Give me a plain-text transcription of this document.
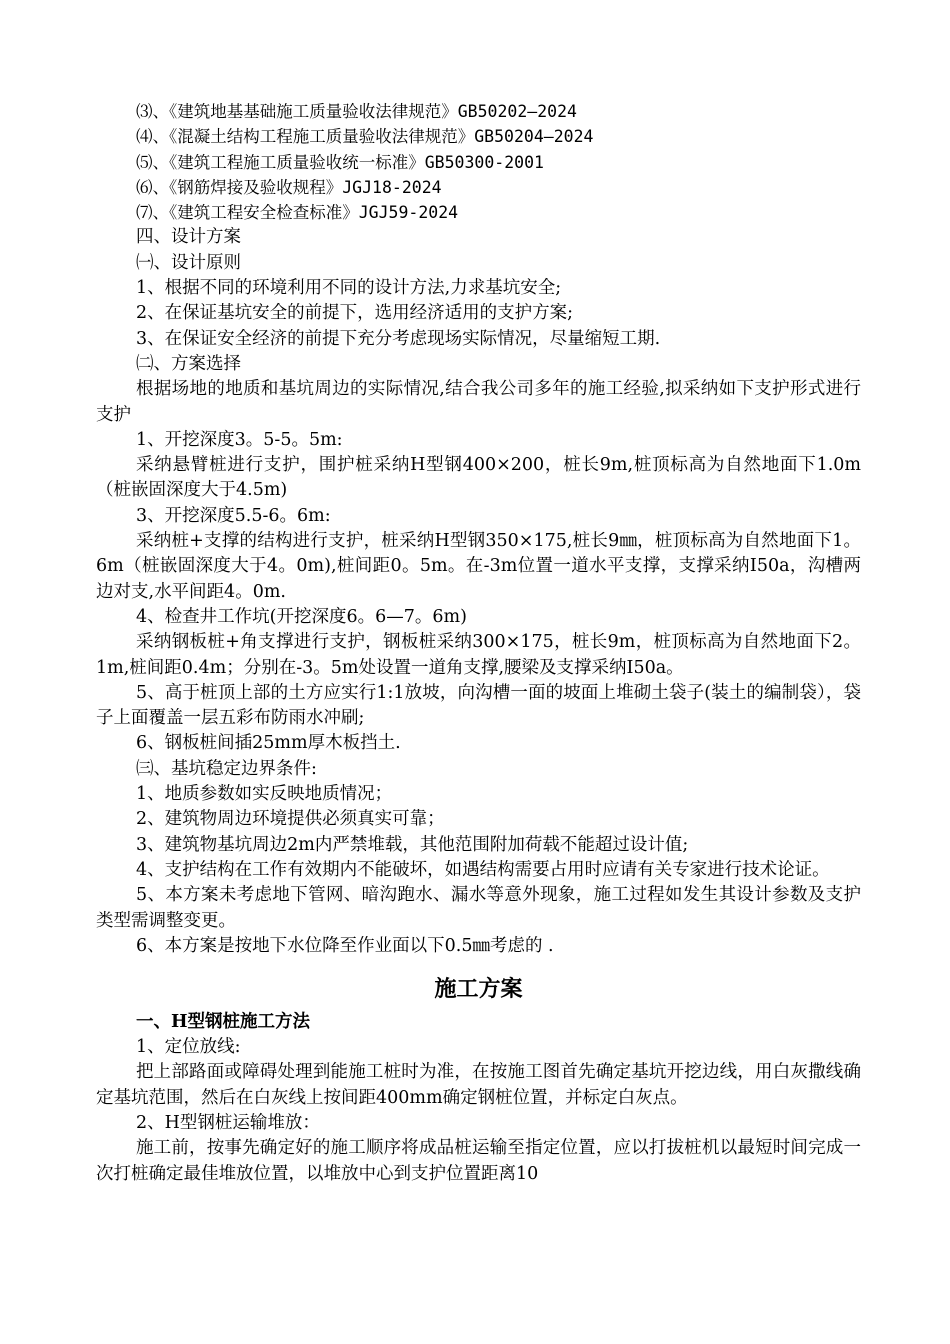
⑶、《建筑地基基础施工质量验收法律规范》GB50202—2024
⑷、《混凝土结构工程施工质量验收法律规范》GB50204—2024
⑸、《建筑工程施工质量验收统一标准》GB50300-2001
⑹、《钢筋焊接及验收规程》JGJ18-2024
⑺、《建筑工程安全检查标准》JGJ59-2024
四、设计方案
㈠、设计原则
1、根据不同的环境利用不同的设计方法,力求基坑安全;
2、在保证基坑安全的前提下，选用经济适用的支护方案;
3、在保证安全经济的前提下充分考虑现场实际情况，尽量缩短工期.
㈡、方案选择
根据场地的地质和基坑周边的实际情况,结合我公司多年的施工经验,拟采纳如下支护形式进行支护
1、开挖深度3。5-5。5m:
采纳悬臂桩进行支护，围护桩采纳H型钢400×200，桩长9m,桩顶标高为自然地面下1.0m（桩嵌固深度大于4.5m)
3、开挖深度5.5-6。6m:
采纳桩+支撑的结构进行支护，桩采纳H型钢350×175,桩长9㎜，桩顶标高为自然地面下1。6m（桩嵌固深度大于4。0m),桩间距0。5m。在-3m位置一道水平支撑，支撑采纳I50a，沟槽两边对支,水平间距4。0m.
4、检查井工作坑(开挖深度6。6—7。6m)
采纳钢板桩+角支撑进行支护，钢板桩采纳300×175，桩长9m，桩顶标高为自然地面下2。1m,桩间距0.4m；分别在-3。5m处设置一道角支撑,腰梁及支撑采纳I50a。
5、高于桩顶上部的土方应实行1:1放坡，向沟槽一面的坡面上堆砌土袋子(装土的编制袋），袋子上面覆盖一层五彩布防雨水冲刷;
6、钢板桩间插25mm厚木板挡土.
㈢、基坑稳定边界条件:
1、地质参数如实反映地质情况；
2、建筑物周边环境提供必须真实可靠；
3、建筑物基坑周边2m内严禁堆载，其他范围附加荷载不能超过设计值;
4、支护结构在工作有效期内不能破坏，如遇结构需要占用时应请有关专家进行技术论证。
5、本方案未考虑地下管网、暗沟跑水、漏水等意外现象，施工过程如发生其设计参数及支护类型需调整变更。
6、本方案是按地下水位降至作业面以下0.5㎜考虑的 .
施工方案
一、H型钢桩施工方法
1、定位放线:
把上部路面或障碍处理到能施工桩时为准，在按施工图首先确定基坑开挖边线，用白灰撒线确定基坑范围，然后在白灰线上按间距400mm确定钢桩位置，并标定白灰点。
2、H型钢桩运输堆放：
施工前，按事先确定好的施工顺序将成品桩运输至指定位置，应以打拔桩机以最短时间完成一次打桩确定最佳堆放位置，以堆放中心到支护位置距离10
